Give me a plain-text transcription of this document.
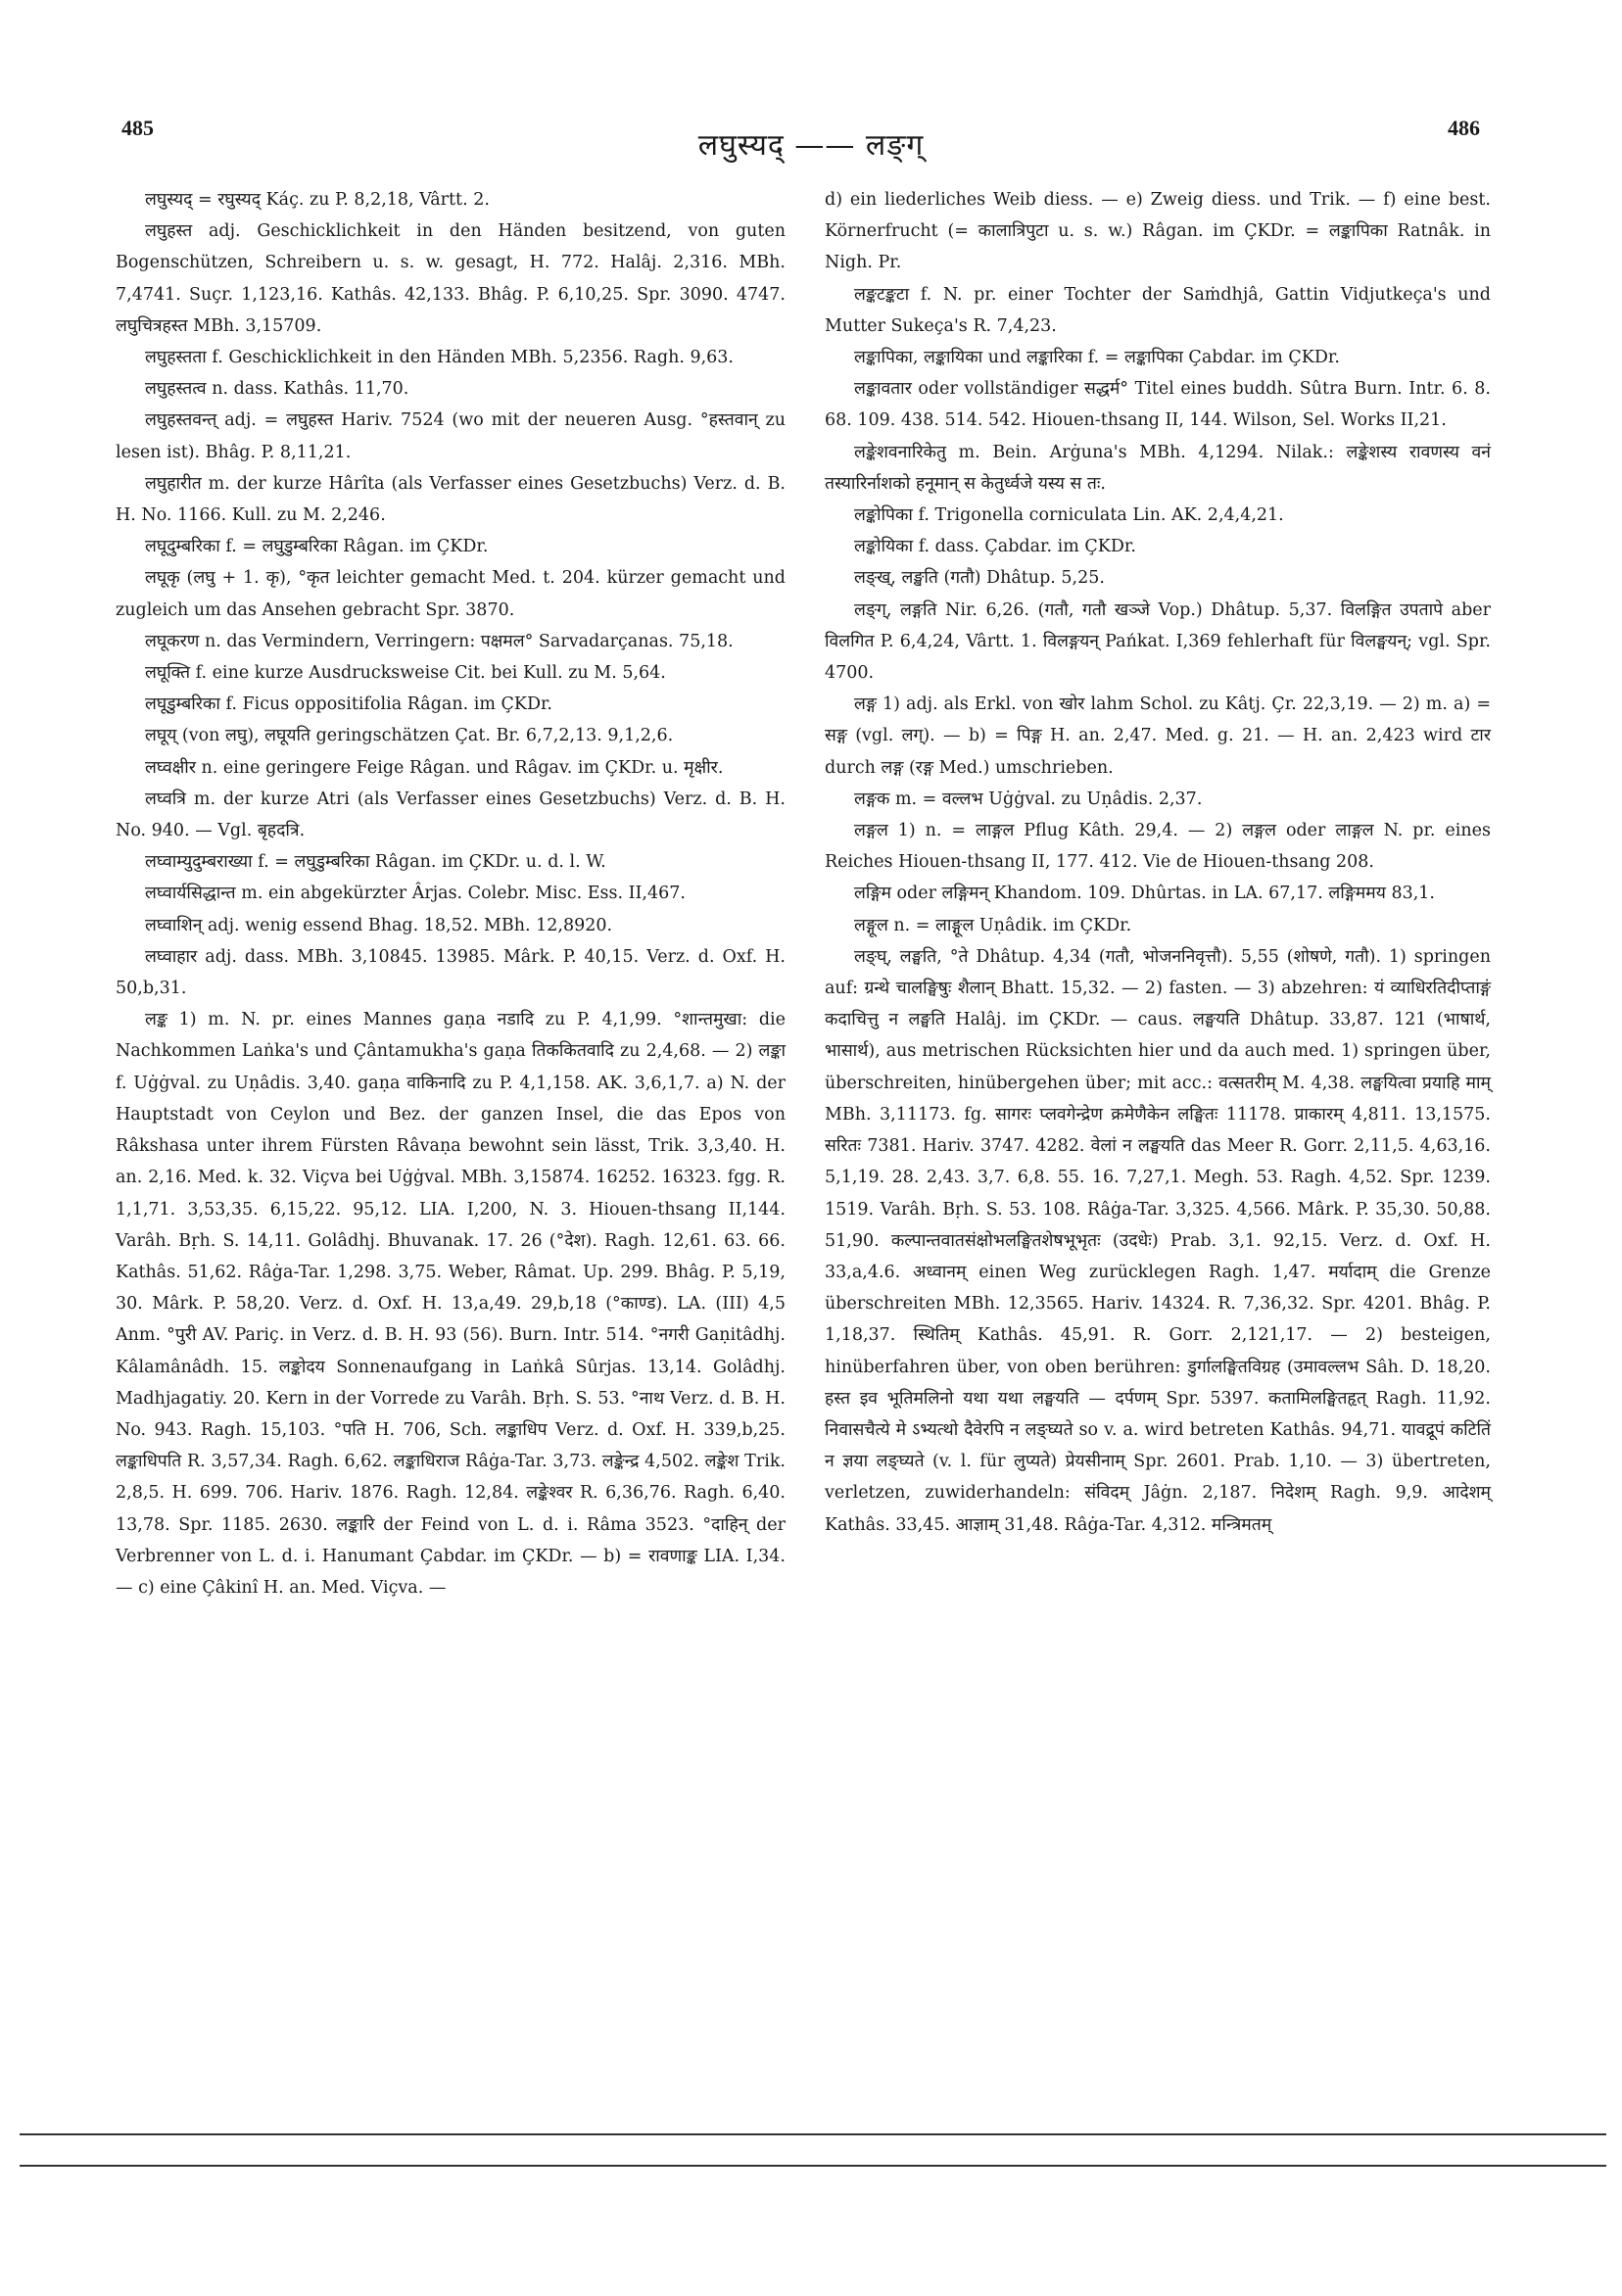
485
लघुस्यद् —— लङ्ग्
486

लघुस्यद् = रघुस्यद् Káç. zu P. 8,2,18, Vârtt. 2.

लघुहस्त adj. Geschicklichkeit in den Händen besitzend, von guten Bogenschützen, Schreibern u. s. w. gesagt, H. 772. Halâj. 2,316. MBh. 7,4741. Suçr. 1,123,16. Kathâs. 42,133. Bhâg. P. 6,10,25. Spr. 3090. 4747. लघुचित्रहस्त MBh. 3,15709.

लघुहस्तता f. Geschicklichkeit in den Händen MBh. 5,2356. Ragh. 9,63.

लघुहस्तत्व n. dass. Kathâs. 11,70.

लघुहस्तवन्त् adj. = लघुहस्त Hariv. 7524 (wo mit der neueren Ausg. °हस्तवान् zu lesen ist). Bhâg. P. 8,11,21.

लघुहारीत m. der kurze Hârîta (als Verfasser eines Gesetzbuchs) Verz. d. B. H. No. 1166. Kull. zu M. 2,246.

लघूदुम्बरिका f. = लघुडुम्बरिका Râgan. im ÇKDr.

लघूकृ (लघु + 1. कृ), °कृत leichter gemacht Med. t. 204. kürzer gemacht und zugleich um das Ansehen gebracht Spr. 3870.

लघूकरण n. das Vermindern, Verringern: पक्षमल° Sarvadarçanas. 75,18.

लघूक्ति f. eine kurze Ausdrucksweise Cit. bei Kull. zu M. 5,64.

लघूडुम्बरिका f. Ficus oppositifolia Râgan. im ÇKDr.

लघूय् (von लघु), लघूयति geringschätzen Çat. Br. 6,7,2,13. 9,1,2,6.

लघ्वक्षीर n. eine geringere Feige Râgan. und Râgav. im ÇKDr. u. मृक्षीर.

लघ्वत्रि m. der kurze Atri (als Verfasser eines Gesetzbuchs) Verz. d. B. H. No. 940. — Vgl. बृहदत्रि.

लघ्वाम्युदुम्बराख्या f. = लघुडुम्बरिका Râgan. im ÇKDr. u. d. l. W.

लघ्वार्यसिद्धान्त m. ein abgekürzter Ârjas. Colebr. Misc. Ess. II,467.

लघ्वाशिन् adj. wenig essend Bhag. 18,52. MBh. 12,8920.

लघ्वाहार adj. dass. MBh. 3,10845. 13985. Mârk. P. 40,15. Verz. d. Oxf. H. 50,b,31.

लङ्क 1) m. N. pr. eines Mannes gaṇa नडादि zu P. 4,1,99. °शान्तमुखा: die Nachkommen Laṅka's und Çântamukha's gaṇa तिककितवादि zu 2,4,68. — 2) लङ्का f. Uġġval. zu Uṇâdis. 3,40. gaṇa वाकिनादि zu P. 4,1,158. AK. 3,6,1,7. a) N. der Hauptstadt von Ceylon und Bez. der ganzen Insel, die das Epos von Râkshasa unter ihrem Fürsten Râvaṇa bewohnt sein lässt, Trik. 3,3,40. H. an. 2,16. Med. k. 32. Viçva bei Uġġval. MBh. 3,15874. 16252. 16323. fgg. R. 1,1,71. 3,53,35. 6,15,22. 95,12. LIA. I,200, N. 3. Hiouen-thsang II,144. Varâh. Bṛh. S. 14,11. Golâdhj. Bhuvanak. 17. 26 (°देश). Ragh. 12,61. 63. 66. Kathâs. 51,62. Râġa-Tar. 1,298. 3,75. Weber, Râmat. Up. 299. Bhâg. P. 5,19, 30. Mârk. P. 58,20. Verz. d. Oxf. H. 13,a,49. 29,b,18 (°काण्ड). LA. (III) 4,5 Anm. °पुरी AV. Pariç. in Verz. d. B. H. 93 (56). Burn. Intr. 514. °नगरी Gaṇitâdhj. Kâlamânâdh. 15. लङ्कोदय Sonnenaufgang in Laṅkâ Sûrjas. 13,14. Golâdhj. Madhjagatiy. 20. Kern in der Vorrede zu Varâh. Bṛh. S. 53. °नाथ Verz. d. B. H. No. 943. Ragh. 15,103. °पति H. 706, Sch. लङ्काधिप Verz. d. Oxf. H. 339,b,25. लङ्काधिपति R. 3,57,34. Ragh. 6,62. लङ्काधिराज Râġa-Tar. 3,73. लङ्केन्द्र 4,502. लङ्केश Trik. 2,8,5. H. 699. 706. Hariv. 1876. Ragh. 12,84. लङ्केश्वर R. 6,36,76. Ragh. 6,40. 13,78. Spr. 1185. 2630. लङ्कारि der Feind von L. d. i. Râma 3523. °दाहिन् der Verbrenner von L. d. i. Hanumant Çabdar. im ÇKDr. — b) = रावणाङ्क LIA. I,34. — c) eine Çâkinî H. an. Med. Viçva. —

d) ein liederliches Weib diess. — e) Zweig diess. und Trik. — f) eine best. Körnerfrucht (= कालात्रिपुटा u. s. w.) Râgan. im ÇKDr. = लङ्कापिका Ratnâk. in Nigh. Pr.

लङ्कटङ्कटा f. N. pr. einer Tochter der Saṁdhjâ, Gattin Vidjutkeça's und Mutter Sukeça's R. 7,4,23.

लङ्कापिका, लङ्कायिका und लङ्कारिका f. = लङ्कापिका Çabdar. im ÇKDr.

लङ्कावतार oder vollständiger सद्धर्म° Titel eines buddh. Sûtra Burn. Intr. 6. 8. 68. 109. 438. 514. 542. Hiouen-thsang II, 144. Wilson, Sel. Works II,21.

लङ्केशवनारिकेतु m. Bein. Arġuna's MBh. 4,1294. Nilak.: लङ्केशस्य रावणस्य वनं तस्यारिर्नाशको हनूमान् स केतुर्ध्वजे यस्य स तः.

लङ्कोपिका f. Trigonella corniculata Lin. AK. 2,4,4,21.

लङ्कोयिका f. dass. Çabdar. im ÇKDr.

लङ्ख्, लङ्खति (गतौ) Dhâtup. 5,25.

लङ्ग्, लङ्गति Nir. 6,26. (गतौ, गतौ खञ्जे Vop.) Dhâtup. 5,37. विलङ्गित उपतापे aber विलगित P. 6,4,24, Vârtt. 1. विलङ्गयन् Pańkat. I,369 fehlerhaft für विलङ्घयन्; vgl. Spr. 4700.

लङ्ग 1) adj. als Erkl. von खोर lahm Schol. zu Kâtj. Çr. 22,3,19. — 2) m. a) = सङ्ग (vgl. लग्). — b) = पिङ्ग H. an. 2,47. Med. g. 21. — H. an. 2,423 wird टार durch लङ्ग (रङ्ग Med.) umschrieben.

लङ्गक m. = वल्लभ Uġġval. zu Uṇâdis. 2,37.

लङ्गल 1) n. = लाङ्गल Pflug Kâth. 29,4. — 2) लङ्गल oder लाङ्गल N. pr. eines Reiches Hiouen-thsang II, 177. 412. Vie de Hiouen-thsang 208.

लङ्गिम oder लङ्गिमन् Khandom. 109. Dhûrtas. in LA. 67,17. लङ्गिममय 83,1.

लङ्गूल n. = लाङ्गूल Uṇâdik. im ÇKDr.

लङ्घ्, लङ्घति, °ते Dhâtup. 4,34 (गतौ, भोजननिवृत्तौ). 5,55 (शोषणे, गतौ). 1) springen auf: ग्रन्थे चालङ्घिषुः शैलान् Bhatt. 15,32. — 2) fasten. — 3) abzehren: यं व्याधिरतिदीप्ताङ्गं कदाचित्तु न लङ्घति Halâj. im ÇKDr. — caus. लङ्घयति Dhâtup. 33,87. 121 (भाषार्थ, भासार्थ), aus metrischen Rücksichten hier und da auch med. 1) springen über, überschreiten, hinübergehen über; mit acc.: वत्सतरीम् M. 4,38. लङ्घयित्वा प्रयाहि माम् MBh. 3,11173. fg. सागरः प्लवगेन्द्रेण क्रमेणैकेन लङ्घितः 11178. प्राकारम् 4,811. 13,1575. सरितः 7381. Hariv. 3747. 4282. वेलां न लङ्घयति das Meer R. Gorr. 2,11,5. 4,63,16. 5,1,19. 28. 2,43. 3,7. 6,8. 55. 16. 7,27,1. Megh. 53. Ragh. 4,52. Spr. 1239. 1519. Varâh. Bṛh. S. 53. 108. Râġa-Tar. 3,325. 4,566. Mârk. P. 35,30. 50,88. 51,90. कल्पान्तवातसंक्षोभलङ्घितशेषभूभृतः (उदधेः) Prab. 3,1. 92,15. Verz. d. Oxf. H. 33,a,4.6. अध्वानम् einen Weg zurücklegen Ragh. 1,47. मर्यादाम् die Grenze überschreiten MBh. 12,3565. Hariv. 14324. R. 7,36,32. Spr. 4201. Bhâg. P. 1,18,37. स्थितिम् Kathâs. 45,91. R. Gorr. 2,121,17. — 2) besteigen, hinüberfahren über, von oben berühren: डुर्गालङ्घितविग्रह (उमावल्लभ Sâh. D. 18,20. हस्त इव भूतिमलिनो यथा यथा लङ्घयति — दर्पणम् Spr. 5397. कतामिलङ्घितहृत् Ragh. 11,92. निवासचैत्ये मे ऽभ्यत्थो दैवेरपि न लङ्घ्यते so v. a. wird betreten Kathâs. 94,71. यावद्रूपं कटितिं न ज्ञया लङ्घ्यते (v. l. für लुप्यते) प्रेयसीनाम् Spr. 2601. Prab. 1,10. — 3) übertreten, verletzen, zuwiderhandeln: संविदम् Jâġn. 2,187. निदेशम् Ragh. 9,9. आदेशम् Kathâs. 33,45. आज्ञाम् 31,48. Râġa-Tar. 4,312. मन्त्रिमतम्
